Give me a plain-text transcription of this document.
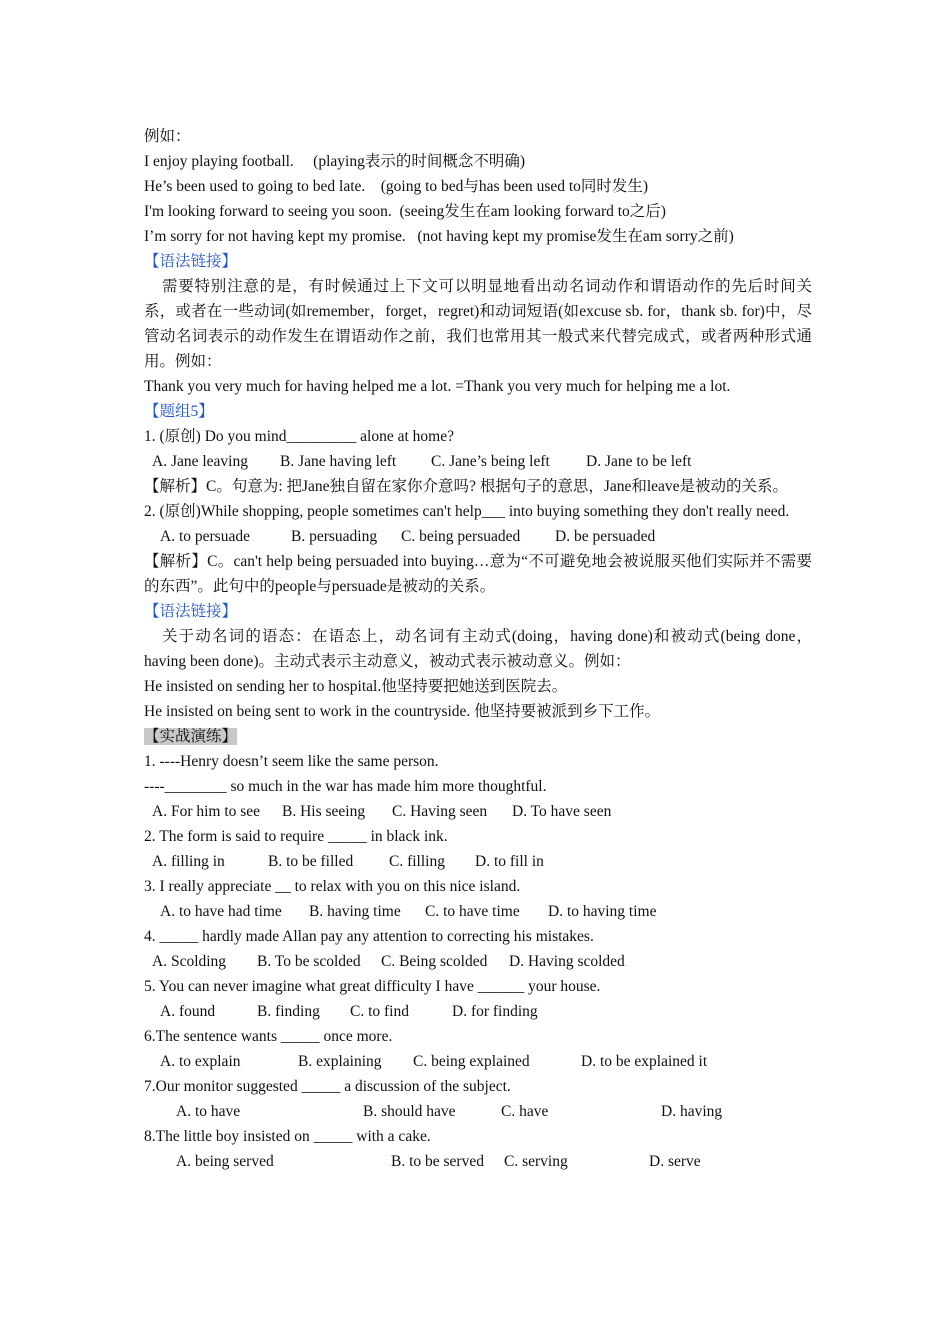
例如：
I enjoy playing football.     (playing表示的时间概念不明确)
He’s been used to going to bed late.    (going to bed与has been used to同时发生)
I'm looking forward to seeing you soon.  (seeing发生在am looking forward to之后)
I’m sorry for not having kept my promise.   (not having kept my promise发生在am sorry之前)
【语法链接】
需要特别注意的是，有时候通过上下文可以明显地看出动名词动作和谓语动作的先后时间关系，或者在一些动词(如remember，forget，regret)和动词短语(如excuse sb. for，thank sb. for)中，尽管动名词表示的动作发生在谓语动作之前，我们也常用其一般式来代替完成式，或者两种形式通用。例如：
Thank you very much for having helped me a lot. =Thank you very much for helping me a lot.
【题组5】
1. (原创) Do you mind_________ alone at home?
A. Jane leaving	B. Jane having left	C. Jane’s being left	D. Jane to be left
【解析】C。句意为: 把Jane独自留在家你介意吗? 根据句子的意思，Jane和leave是被动的关系。
2. (原创)While shopping, people sometimes can't help___ into buying something they don't really need.
A. to persuade	B. persuading	C. being persuaded	D. be persuaded
【解析】C。can't help being persuaded into buying…意为“不可避免地会被说服买他们实际并不需要的东西”。此句中的people与persuade是被动的关系。
【语法链接】
关于动名词的语态：在语态上，动名词有主动式(doing，having done)和被动式(being done，having been done)。主动式表示主动意义，被动式表示被动意义。例如：
He insisted on sending her to hospital.他坚持要把她送到医院去。
He insisted on being sent to work in the countryside. 他坚持要被派到乡下工作。
【实战演练】
1. ----Henry doesn’t seem like the same person.
----________ so much in the war has made him more thoughtful.
A. For him to see	B. His seeing	C. Having seen	D. To have seen
2. The form is said to require _____ in black ink.
A. filling in	B. to be filled	C. filling	D. to fill in
3. I really appreciate __ to relax with you on this nice island.
A. to have had time	B. having time	C. to have time	D. to having time
4. _____ hardly made Allan pay any attention to correcting his mistakes.
A. Scolding	B. To be scolded	C. Being scolded	D. Having scolded
5. You can never imagine what great difficulty I have ______ your house.
A. found	B. finding	C. to find	D. for finding
6.The sentence wants _____ once more.
A. to explain	B. explaining	C. being explained	D. to be explained it
7.Our monitor suggested _____ a discussion of the subject.
A. to have	B. should have	C. have	D. having
8.The little boy insisted on _____ with a cake.
A. being served	B. to be served	C. serving	D. serve
